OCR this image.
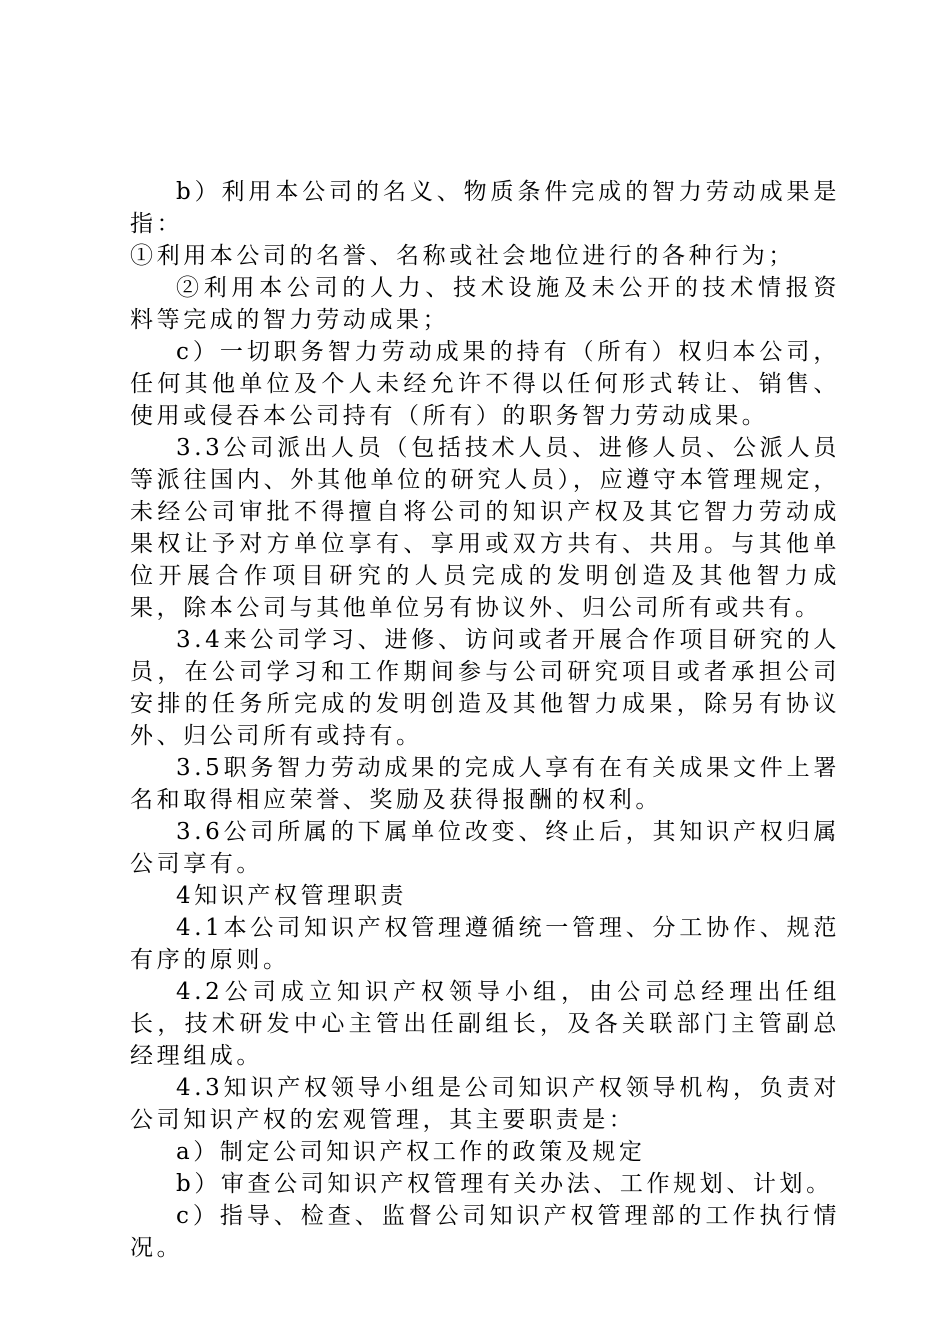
b）利用本公司的名义、物质条件完成的智力劳动成果是指：

①利用本公司的名誉、名称或社会地位进行的各种行为；

②利用本公司的人力、技术设施及未公开的技术情报资料等完成的智力劳动成果；

c）一切职务智力劳动成果的持有（所有）权归本公司，任何其他单位及个人未经允许不得以任何形式转让、销售、使用或侵吞本公司持有（所有）的职务智力劳动成果。

3.3公司派出人员（包括技术人员、进修人员、公派人员等派往国内、外其他单位的研究人员），应遵守本管理规定，未经公司审批不得擅自将公司的知识产权及其它智力劳动成果权让予对方单位享有、享用或双方共有、共用。与其他单位开展合作项目研究的人员完成的发明创造及其他智力成果，除本公司与其他单位另有协议外、归公司所有或共有。

3.4来公司学习、进修、访问或者开展合作项目研究的人员，在公司学习和工作期间参与公司研究项目或者承担公司安排的任务所完成的发明创造及其他智力成果，除另有协议外、归公司所有或持有。

3.5职务智力劳动成果的完成人享有在有关成果文件上署名和取得相应荣誉、奖励及获得报酬的权利。

3.6公司所属的下属单位改变、终止后，其知识产权归属公司享有。

4知识产权管理职责

4.1本公司知识产权管理遵循统一管理、分工协作、规范有序的原则。

4.2公司成立知识产权领导小组，由公司总经理出任组长，技术研发中心主管出任副组长，及各关联部门主管副总经理组成。

4.3知识产权领导小组是公司知识产权领导机构，负责对公司知识产权的宏观管理，其主要职责是：

a）制定公司知识产权工作的政策及规定

b）审查公司知识产权管理有关办法、工作规划、计划。

c）指导、检查、监督公司知识产权管理部的工作执行情况。
